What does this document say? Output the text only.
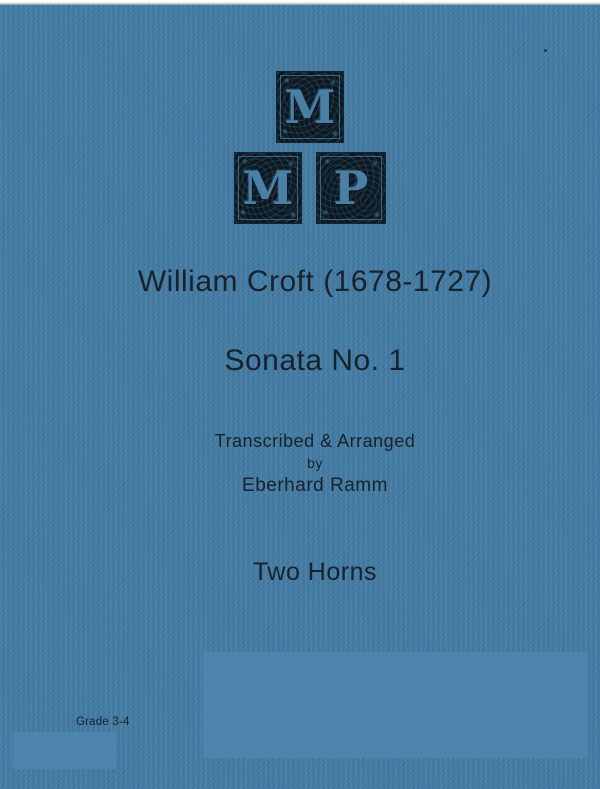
M
M P
William Croft (1678-1727)
Sonata No. 1
Transcribed & Arranged
by
Eberhard Ramm
Two Horns
Grade 3-4
